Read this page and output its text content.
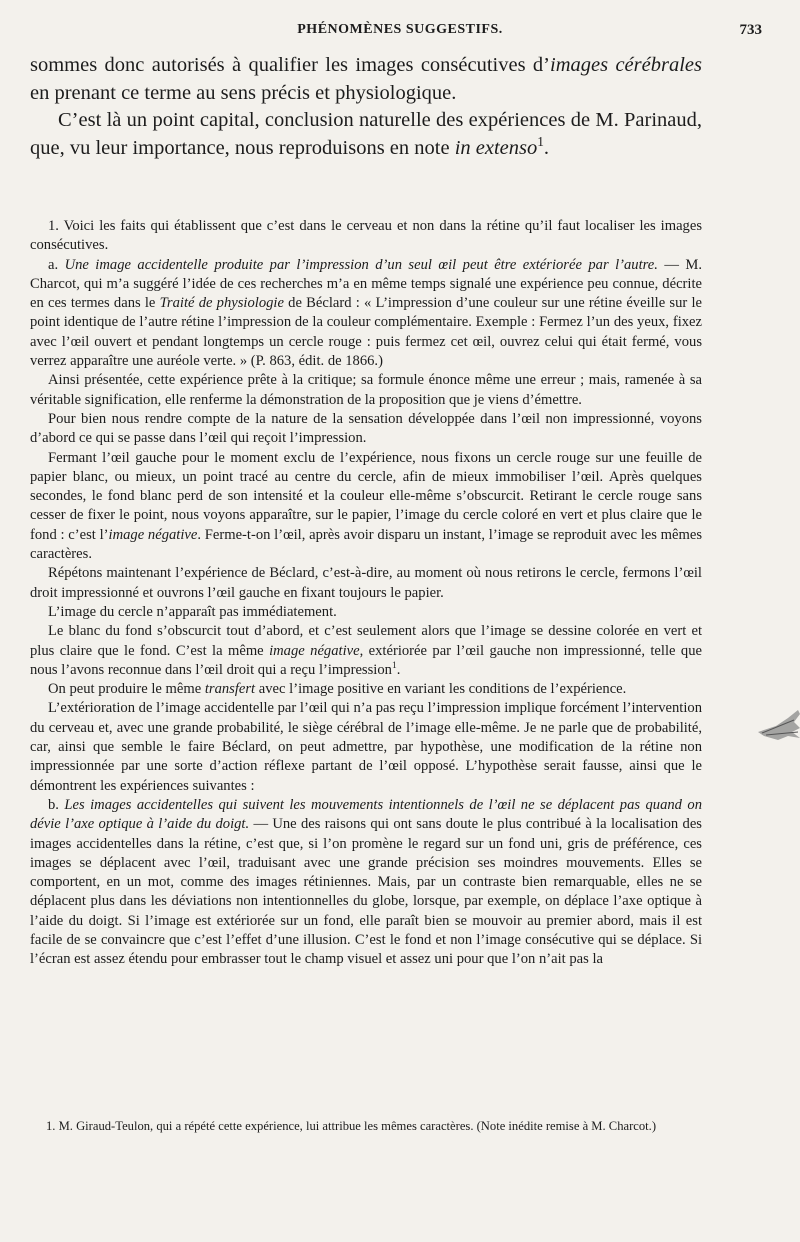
PHÉNOMÈNES SUGGESTIFS.	733

sommes donc autorisés à qualifier les images consécutives d’images cérébrales en prenant ce terme au sens précis et physiologique.

C’est là un point capital, conclusion naturelle des expériences de M. Parinaud, que, vu leur importance, nous reproduisons en note in extenso$^1$.

1. Voici les faits qui établissent que c’est dans le cerveau et non dans la rétine qu’il faut localiser les images consécutives.

a. Une image accidentelle produite par l’impression d’un seul œil peut être extériorée par l’autre. — M. Charcot, qui m’a suggéré l’idée de ces recherches m’a en même temps signalé une expérience peu connue, décrite en ces termes dans le Traité de physiologie de Béclard : « L’impression d’une couleur sur une rétine éveille sur le point identique de l’autre rétine l’impression de la couleur complémentaire. Exemple : Fermez l’un des yeux, fixez avec l’œil ouvert et pendant longtemps un cercle rouge : puis fermez cet œil, ouvrez celui qui était fermé, vous verrez apparaître une auréole verte. » (P. 863, édit. de 1866.)

Ainsi présentée, cette expérience prête à la critique; sa formule énonce même une erreur ; mais, ramenée à sa véritable signification, elle renferme la démonstration de la proposition que je viens d’émettre.

Pour bien nous rendre compte de la nature de la sensation développée dans l’œil non impressionné, voyons d’abord ce qui se passe dans l’œil qui reçoit l’impression.

Fermant l’œil gauche pour le moment exclu de l’expérience, nous fixons un cercle rouge sur une feuille de papier blanc, ou mieux, un point tracé au centre du cercle, afin de mieux immobiliser l’œil. Après quelques secondes, le fond blanc perd de son intensité et la couleur elle-même s’obscurcit. Retirant le cercle rouge sans cesser de fixer le point, nous voyons apparaître, sur le papier, l’image du cercle coloré en vert et plus claire que le fond : c’est l’image négative. Ferme-t-on l’œil, après avoir disparu un instant, l’image se reproduit avec les mêmes caractères.

Répétons maintenant l’expérience de Béclard, c’est-à-dire, au moment où nous retirons le cercle, fermons l’œil droit impressionné et ouvrons l’œil gauche en fixant toujours le papier.

L’image du cercle n’apparaît pas immédiatement.

Le blanc du fond s’obscurcit tout d’abord, et c’est seulement alors que l’image se dessine colorée en vert et plus claire que le fond. C’est la même image négative, extériorée par l’œil gauche non impressionné, telle que nous l’avons reconnue dans l’œil droit qui a reçu l’impression$^1$.

On peut produire le même transfert avec l’image positive en variant les conditions de l’expérience.

L’extérioration de l’image accidentelle par l’œil qui n’a pas reçu l’impression implique forcément l’intervention du cerveau et, avec une grande probabilité, le siège cérébral de l’image elle-même. Je ne parle que de probabilité, car, ainsi que semble le faire Béclard, on peut admettre, par hypothèse, une modification de la rétine non impressionnée par une sorte d’action réflexe partant de l’œil opposé. L’hypothèse serait fausse, ainsi que le démontrent les expériences suivantes :

b. Les images accidentelles qui suivent les mouvements intentionnels de l’œil ne se déplacent pas quand on dévie l’axe optique à l’aide du doigt. — Une des raisons qui ont sans doute le plus contribué à la localisation des images accidentelles dans la rétine, c’est que, si l’on promène le regard sur un fond uni, gris de préférence, ces images se déplacent avec l’œil, traduisant avec une grande précision ses moindres mouvements. Elles se comportent, en un mot, comme des images rétiniennes. Mais, par un contraste bien remarquable, elles ne se déplacent plus dans les déviations non intentionnelles du globe, lorsque, par exemple, on déplace l’axe optique à l’aide du doigt. Si l’image est extériorée sur un fond, elle paraît bien se mouvoir au premier abord, mais il est facile de se convaincre que c’est l’effet d’une illusion. C’est le fond et non l’image consécutive qui se déplace. Si l’écran est assez étendu pour embrasser tout le champ visuel et assez uni pour que l’on n’ait pas la

1. M. Giraud-Teulon, qui a répété cette expérience, lui attribue les mêmes caractères. (Note inédite remise à M. Charcot.)
